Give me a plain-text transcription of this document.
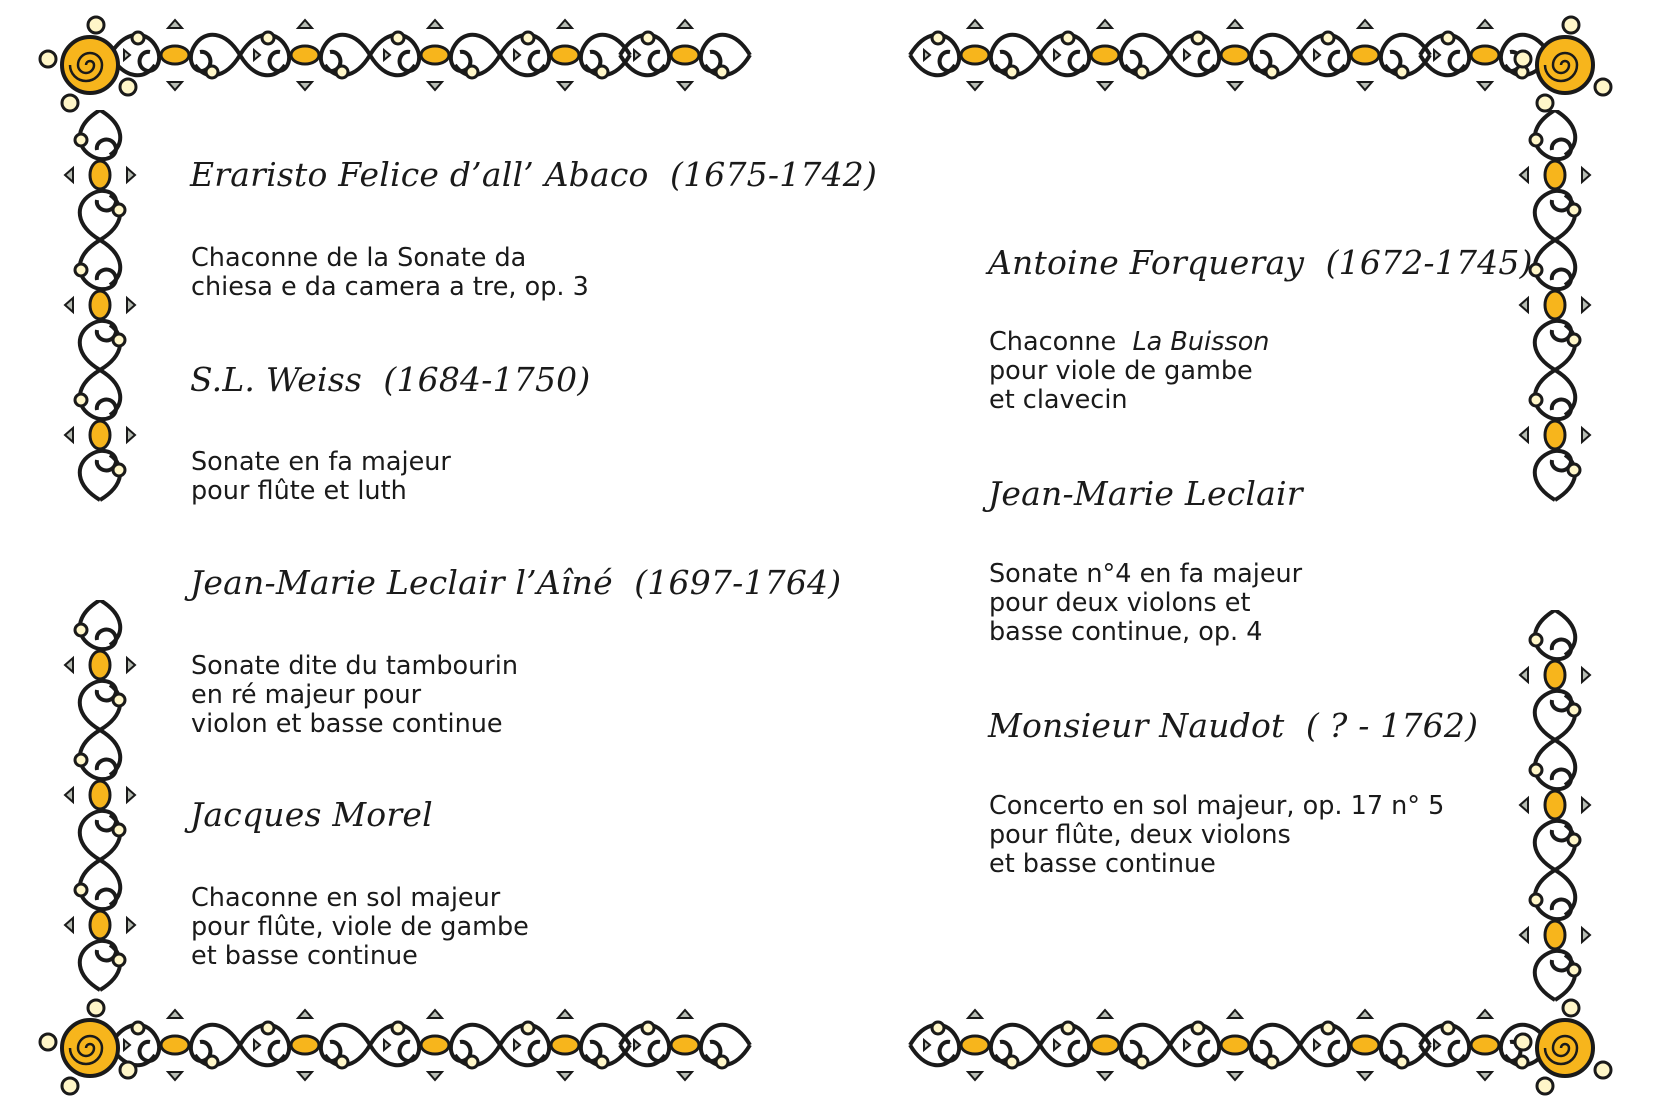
Eraristo Felice d’all’ Abaco (1675-1742)
Chaconne de la Sonate da
chiesa e da camera a tre, op. 3
S.L. Weiss (1684-1750)
Sonate en fa majeur
pour flûte et luth
Jean-Marie Leclair l’Aîné (1697-1764)
Sonate dite du tambourin
en ré majeur pour
violon et basse continue
Jacques Morel
Chaconne en sol majeur
pour flûte, viole de gambe
et basse continue
Antoine Forqueray (1672-1745)
Chaconne  La Buisson
pour viole de gambe
et clavecin
Jean-Marie Leclair
Sonate n°4 en fa majeur
pour deux violons et
basse continue, op. 4
Monsieur Naudot ( ? - 1762)
Concerto en sol majeur, op. 17 n° 5
pour flûte, deux violons
et basse continue
